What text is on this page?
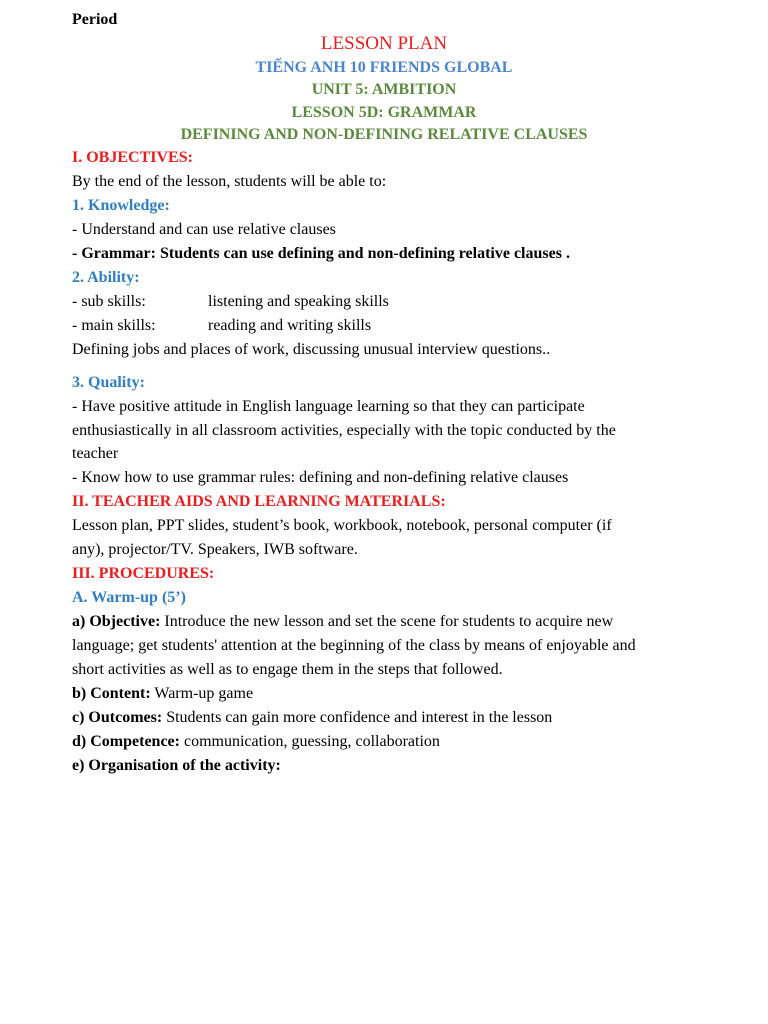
Period
LESSON PLAN
TIẾNG ANH 10 FRIENDS GLOBAL
UNIT 5: AMBITION
LESSON 5D: GRAMMAR
DEFINING AND NON-DEFINING RELATIVE CLAUSES
I. OBJECTIVES:
By the end of the lesson, students will be able to:
1. Knowledge:
- Understand and can use relative clauses
- Grammar: Students can use defining and non-defining relative clauses .
2. Ability:
- sub skills:	listening and speaking skills
- main skills:	reading and writing skills
Defining jobs and places of work, discussing unusual interview questions..
3. Quality:
- Have positive attitude in English language learning so that they can participate
enthusiastically in all classroom activities, especially with the topic conducted by the
teacher
- Know how to use grammar rules: defining and non-defining relative clauses
II. TEACHER AIDS AND LEARNING MATERIALS:
Lesson plan, PPT slides, student’s book, workbook, notebook, personal computer (if
any), projector/TV. Speakers, IWB software.
III. PROCEDURES:
A. Warm-up (5’)
a) Objective: Introduce the new lesson and set the scene for students to acquire new
language; get students' attention at the beginning of the class by means of enjoyable and
short activities as well as to engage them in the steps that followed.
b) Content: Warm-up game
c) Outcomes: Students can gain more confidence and interest in the lesson
d) Competence: communication, guessing, collaboration
e) Organisation of the activity:
